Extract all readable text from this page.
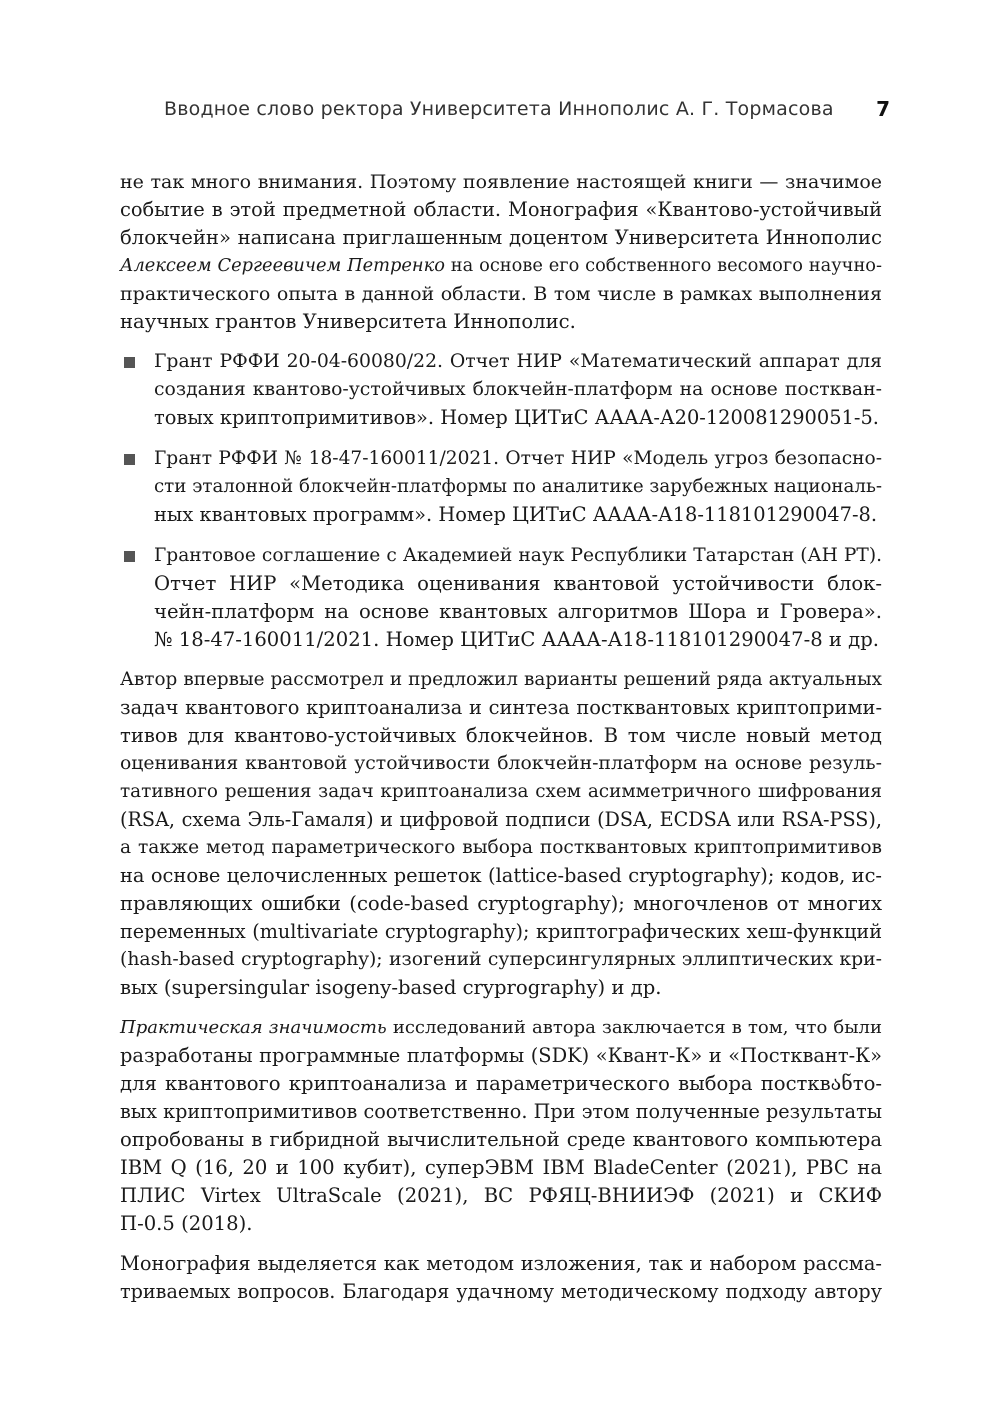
Вводное слово ректора Университета Иннополис А. Г. Тормасова 7
не так много внимания. Поэтому появление настоящей книги — значимое
событие в этой предметной области. Монография «Квантово-устойчивый
блокчейн» написана приглашенным доцентом Университета Иннополис
Алексеем Сергеевичем Петренко на основе его собственного весомого научно-
практического опыта в данной области. В том числе в рамках выполнения
научных грантов Университета Иннополис.
Грант РФФИ 20-04-60080/22. Отчет НИР «Математический аппарат для
создания квантово-устойчивых блокчейн-платформ на основе посткван-
товых криптопримитивов». Номер ЦИТиС АААА-А20-120081290051-5.
Грант РФФИ № 18-47-160011/2021. Отчет НИР «Модель угроз безопасно-
сти эталонной блокчейн-платформы по аналитике зарубежных националь-
ных квантовых программ». Номер ЦИТиС АААА-А18-118101290047-8.
Грантовое соглашение с Академией наук Республики Татарстан (АН РТ).
Отчет НИР «Методика оценивания квантовой устойчивости блок-
чейн-платформ на основе квантовых алгоритмов Шора и Гровера».
№ 18-47-160011/2021. Номер ЦИТиС АААА-А18-118101290047-8 и др.
Автор впервые рассмотрел и предложил варианты решений ряда актуальных
задач квантового криптоанализа и синтеза постквантовых криптоприми-
тивов для квантово-устойчивых блокчейнов. В том числе новый метод
оценивания квантовой устойчивости блокчейн-платформ на основе резуль-
тативного решения задач криптоанализа схем асимметричного шифрования
(RSA, схема Эль-Гамаля) и цифровой подписи (DSA, ECDSA или RSA-PSS),
а также метод параметрического выбора постквантовых криптопримитивов
на основе целочисленных решеток (lattice-based cryptography); кодов, ис-
правляющих ошибки (code-based cryptography); многочленов от многих
переменных (multivariate cryptography); криптографических хеш-функций
(hash-based cryptography); изогений суперсингулярных эллиптических кри-
вых (supersingular isogeny-based cryprography) и др.
Практическая значимость исследований автора заключается в том, что были
разработаны программные платформы (SDK) «Квант-К» и «Постквант-К»
для квантового криптоанализа и параметрического выбора постквანто-
вых криптопримитивов соответственно. При этом полученные результаты
опробованы в гибридной вычислительной среде квантового компьютера
IBM Q (16, 20 и 100 кубит), суперЭВМ IBM BladeCenter (2021), PBC на
ПЛИС Virtex UltraScale (2021), ВС РФЯЦ-ВНИИЭФ (2021) и СКИФ
П-0.5 (2018).
Монография выделяется как методом изложения, так и набором рассма-
триваемых вопросов. Благодаря удачному методическому подходу автору
